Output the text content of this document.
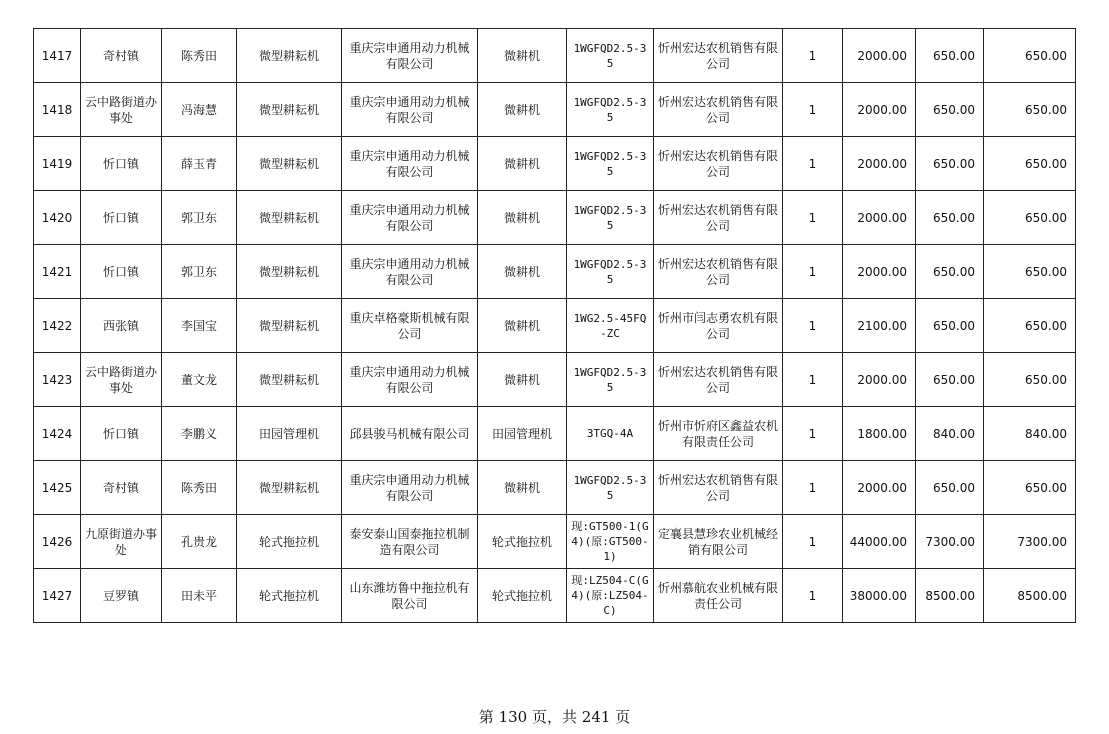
1417	奇村镇	陈秀田	微型耕耘机	重庆宗申通用动力机械有限公司	微耕机	1WGFQD2.5-35	忻州宏达农机销售有限公司	1	2000.00	650.00	650.00
1418	云中路街道办事处	冯海慧	微型耕耘机	重庆宗申通用动力机械有限公司	微耕机	1WGFQD2.5-35	忻州宏达农机销售有限公司	1	2000.00	650.00	650.00
1419	忻口镇	薛玉青	微型耕耘机	重庆宗申通用动力机械有限公司	微耕机	1WGFQD2.5-35	忻州宏达农机销售有限公司	1	2000.00	650.00	650.00
1420	忻口镇	郭卫东	微型耕耘机	重庆宗申通用动力机械有限公司	微耕机	1WGFQD2.5-35	忻州宏达农机销售有限公司	1	2000.00	650.00	650.00
1421	忻口镇	郭卫东	微型耕耘机	重庆宗申通用动力机械有限公司	微耕机	1WGFQD2.5-35	忻州宏达农机销售有限公司	1	2000.00	650.00	650.00
1422	西张镇	李国宝	微型耕耘机	重庆卓格豪斯机械有限公司	微耕机	1WG2.5-45FQ-ZC	忻州市闫志勇农机有限公司	1	2100.00	650.00	650.00
1423	云中路街道办事处	董文龙	微型耕耘机	重庆宗申通用动力机械有限公司	微耕机	1WGFQD2.5-35	忻州宏达农机销售有限公司	1	2000.00	650.00	650.00
1424	忻口镇	李鹏义	田园管理机	邱县骏马机械有限公司	田园管理机	3TGQ-4A	忻州市忻府区鑫益农机有限责任公司	1	1800.00	840.00	840.00
1425	奇村镇	陈秀田	微型耕耘机	重庆宗申通用动力机械有限公司	微耕机	1WGFQD2.5-35	忻州宏达农机销售有限公司	1	2000.00	650.00	650.00
1426	九原街道办事处	孔贵龙	轮式拖拉机	泰安泰山国泰拖拉机制造有限公司	轮式拖拉机	现:GT500-1(G4)(原:GT500-1)	定襄县慧珍农业机械经销有限公司	1	44000.00	7300.00	7300.00
1427	豆罗镇	田未平	轮式拖拉机	山东潍坊鲁中拖拉机有限公司	轮式拖拉机	现:LZ504-C(G4)(原:LZ504-C)	忻州慕航农业机械有限责任公司	1	38000.00	8500.00	8500.00
第 130 页，共 241 页
